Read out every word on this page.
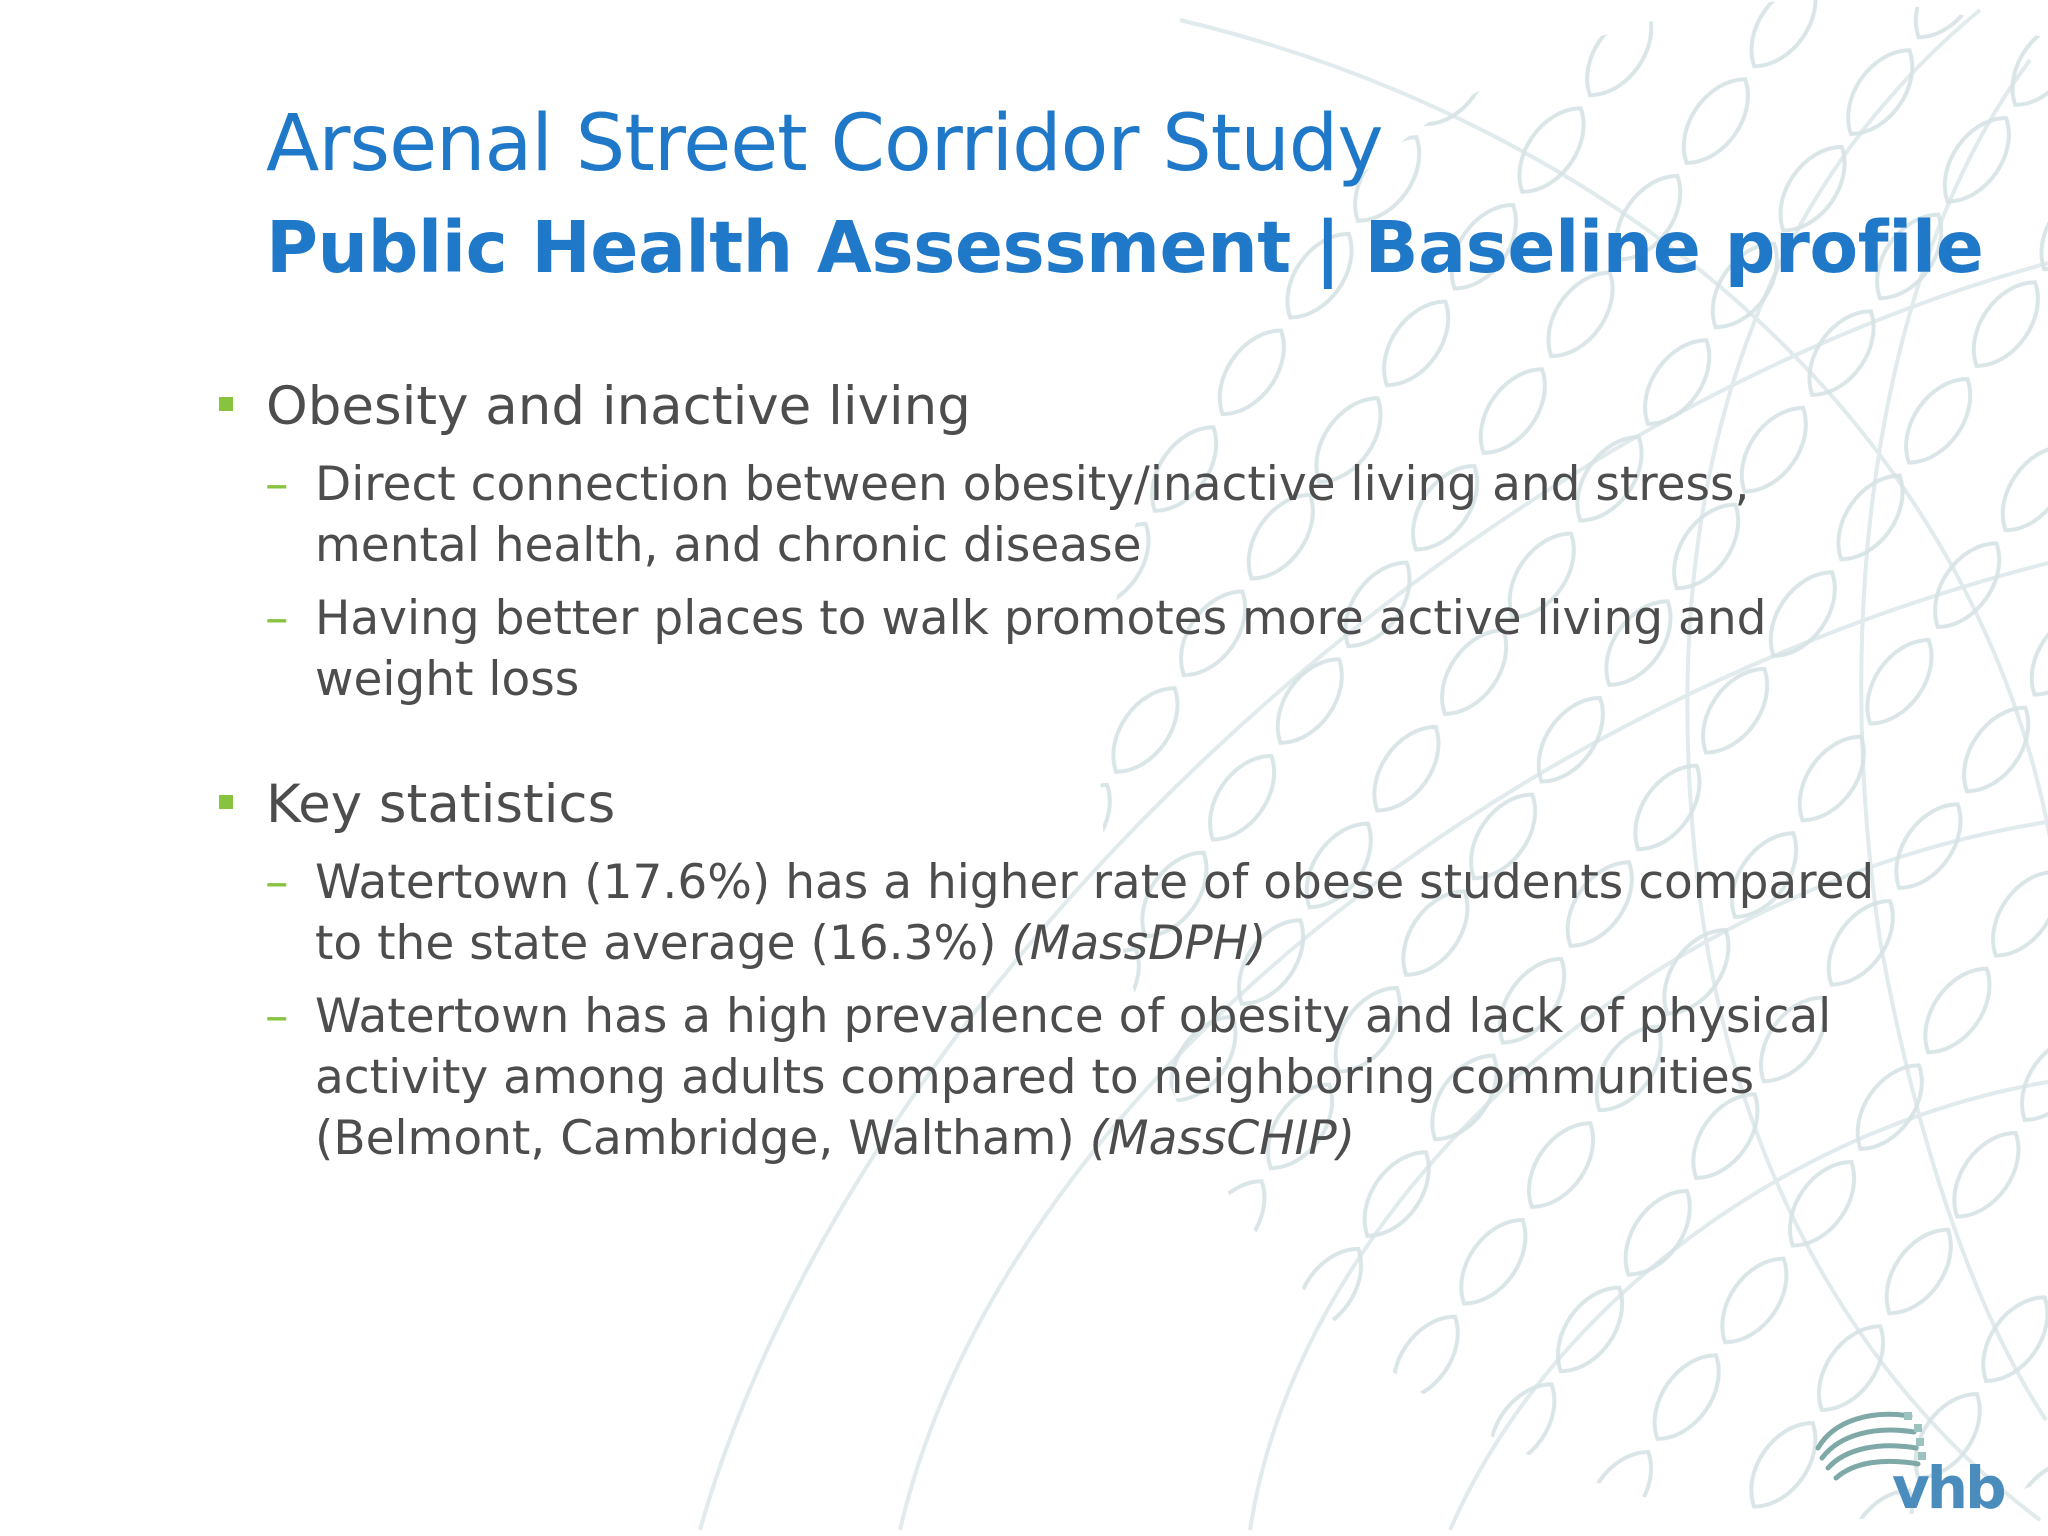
Arsenal Street Corridor Study
Public Health Assessment | Baseline profile
Obesity and inactive living
– Direct connection between obesity/inactive living and stress,
mental health, and chronic disease
– Having better places to walk promotes more active living and
weight loss
Key statistics
– Watertown (17.6%) has a higher rate of obese students compared
to the state average (16.3%) (MassDPH)
– Watertown has a high prevalence of obesity and lack of physical
activity among adults compared to neighboring communities
(Belmont, Cambridge, Waltham) (MassCHIP)
vhb
